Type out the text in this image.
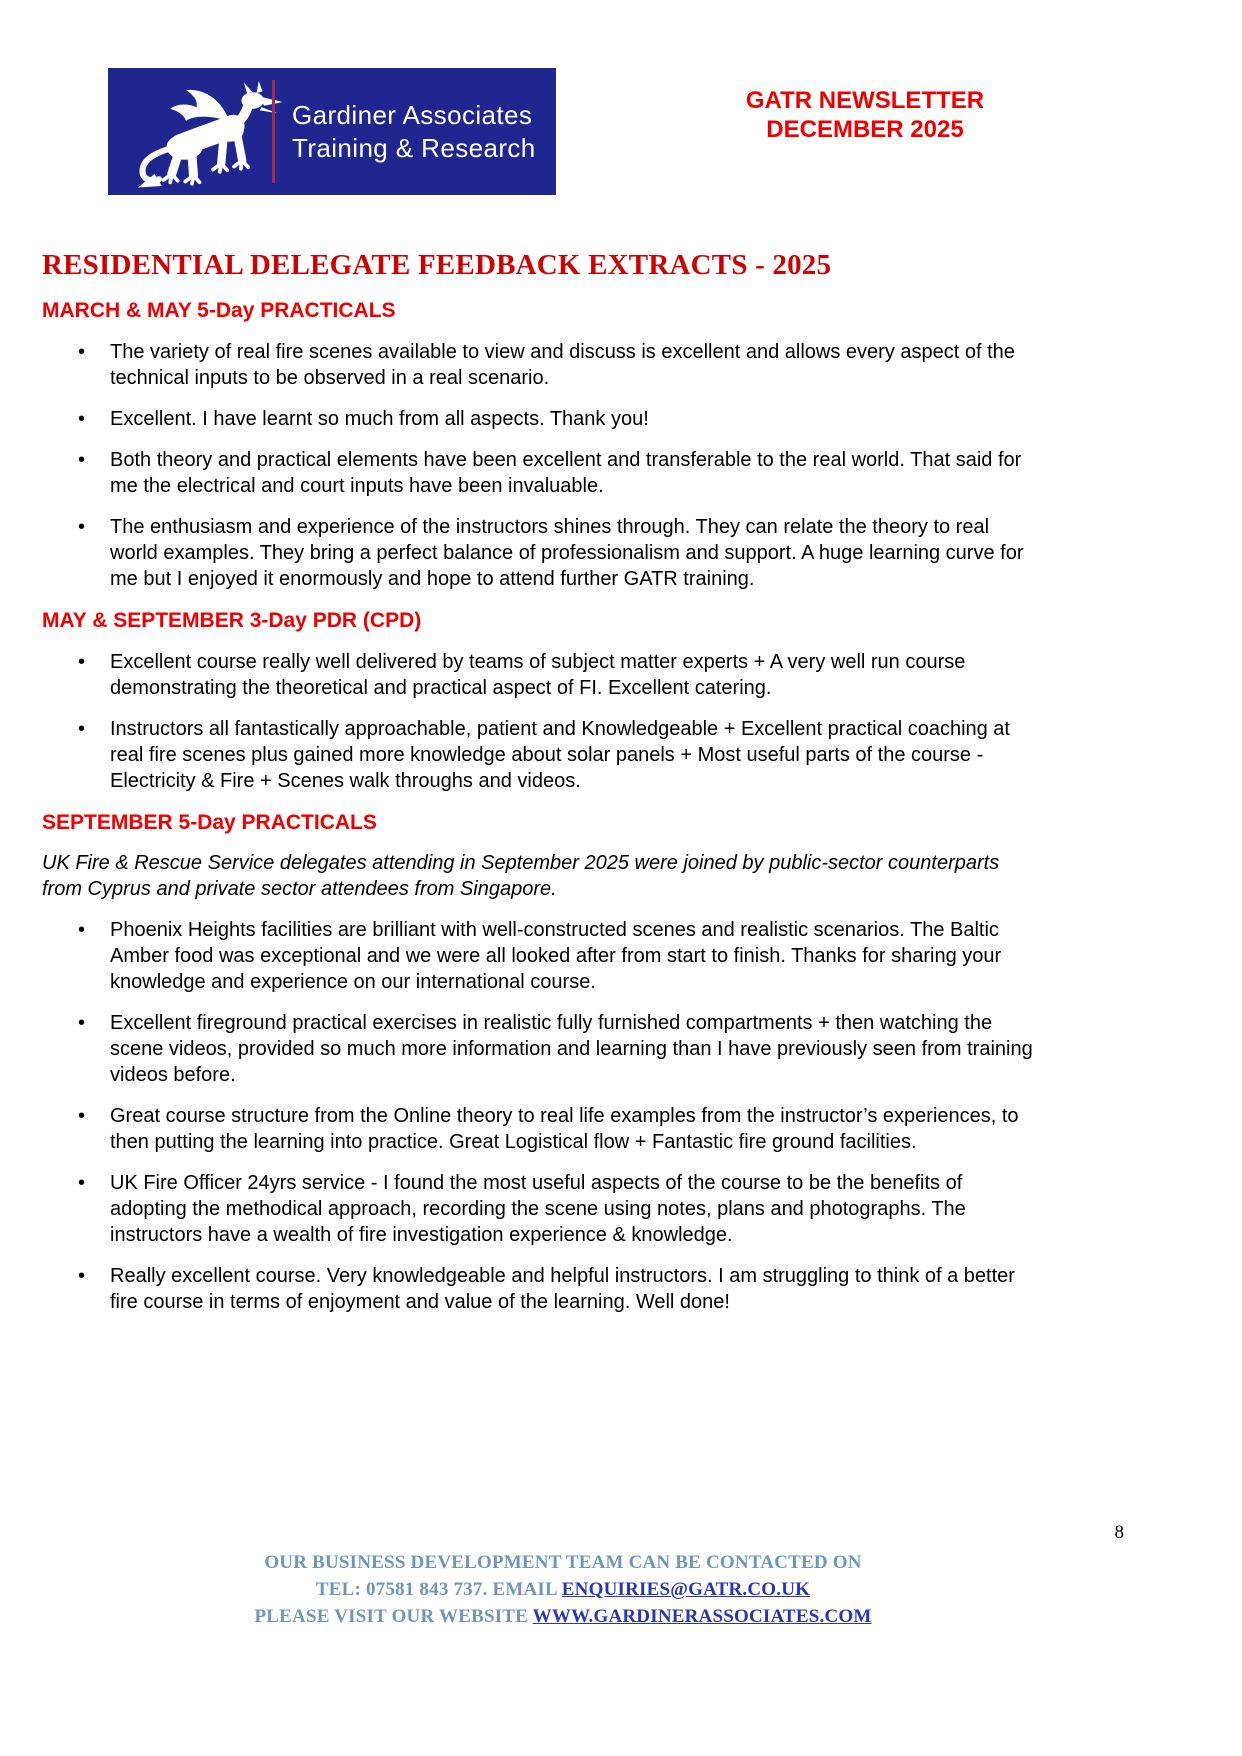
Gardiner Associates
Training & Research
GATR NEWSLETTER
DECEMBER 2025
RESIDENTIAL DELEGATE FEEDBACK EXTRACTS - 2025
MARCH & MAY 5-Day PRACTICALS
• The variety of real fire scenes available to view and discuss is excellent and allows every aspect of the technical inputs to be observed in a real scenario.
• Excellent. I have learnt so much from all aspects. Thank you!
• Both theory and practical elements have been excellent and transferable to the real world. That said for me the electrical and court inputs have been invaluable.
• The enthusiasm and experience of the instructors shines through. They can relate the theory to real world examples. They bring a perfect balance of professionalism and support. A huge learning curve for me but I enjoyed it enormously and hope to attend further GATR training.
MAY & SEPTEMBER 3-Day PDR (CPD)
• Excellent course really well delivered by teams of subject matter experts + A very well run course demonstrating the theoretical and practical aspect of FI. Excellent catering.
• Instructors all fantastically approachable, patient and Knowledgeable + Excellent practical coaching at real fire scenes plus gained more knowledge about solar panels + Most useful parts of the course - Electricity & Fire + Scenes walk throughs and videos.
SEPTEMBER 5-Day PRACTICALS
UK Fire & Rescue Service delegates attending in September 2025 were joined by public-sector counterparts from Cyprus and private sector attendees from Singapore.
• Phoenix Heights facilities are brilliant with well-constructed scenes and realistic scenarios. The Baltic Amber food was exceptional and we were all looked after from start to finish. Thanks for sharing your knowledge and experience on our international course.
• Excellent fireground practical exercises in realistic fully furnished compartments + then watching the scene videos, provided so much more information and learning than I have previously seen from training videos before.
• Great course structure from the Online theory to real life examples from the instructor’s experiences, to then putting the learning into practice. Great Logistical flow + Fantastic fire ground facilities.
• UK Fire Officer 24yrs service - I found the most useful aspects of the course to be the benefits of adopting the methodical approach, recording the scene using notes, plans and photographs. The instructors have a wealth of fire investigation experience & knowledge.
• Really excellent course. Very knowledgeable and helpful instructors. I am struggling to think of a better fire course in terms of enjoyment and value of the learning. Well done!
8
OUR BUSINESS DEVELOPMENT TEAM CAN BE CONTACTED ON
TEL: 07581 843 737. EMAIL ENQUIRIES@GATR.CO.UK
PLEASE VISIT OUR WEBSITE WWW.GARDINERASSOCIATES.COM
